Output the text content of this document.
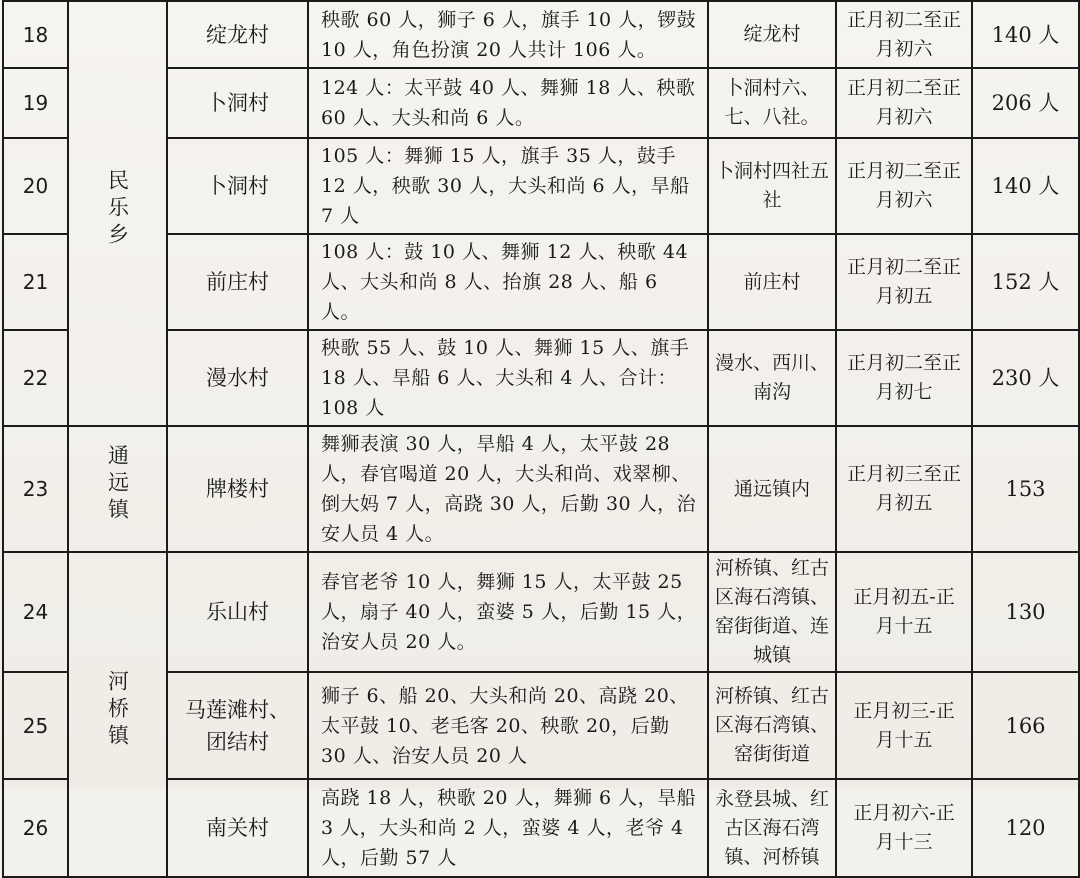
18	民乐乡	绽龙村	秧歌 60 人，狮子 6 人，旗手 10 人，锣鼓 10 人，角色扮演 20 人共计 106 人。	绽龙村	正月初二至正月初六	140 人	
19		卜洞村	124 人：太平鼓 40 人、舞狮 18 人、秧歌 60 人、大头和尚 6 人。	卜洞村六、七、八社。	正月初二至正月初六	206 人	
20		卜洞村	105 人：舞狮 15 人，旗手 35 人，鼓手 12 人，秧歌 30 人，大头和尚 6 人，旱船 7 人	卜洞村四社五社	正月初二至正月初六	140 人	
21		前庄村	108 人：鼓 10 人、舞狮 12 人、秧歌 44 人、大头和尚 8 人、抬旗 28 人、船 6 人。	前庄村	正月初二至正月初五	152 人	
22		漫水村	秧歌 55 人、鼓 10 人、舞狮 15 人、旗手 18 人、旱船 6 人、大头和 4 人、合计：108 人	漫水、西川、南沟	正月初二至正月初七	230 人	
23	通远镇	牌楼村	舞狮表演 30 人，旱船 4 人，太平鼓 28 人，春官喝道 20 人，大头和尚、戏翠柳、倒大妈 7 人，高跷 30 人，后勤 30 人，治安人员 4 人。	通远镇内	正月初三至正月初五	153	
24	河桥镇	乐山村	春官老爷 10 人，舞狮 15 人，太平鼓 25 人，扇子 40 人，蛮婆 5 人，后勤 15 人，治安人员 20 人。	河桥镇、红古区海石湾镇、窑街街道、连城镇	正月初五-正月十五	130	
25		马莲滩村、团结村	狮子 6、船 20、大头和尚 20、高跷 20、太平鼓 10、老毛客 20、秧歌 20，后勤 30 人、治安人员 20 人	河桥镇、红古区海石湾镇、窑街街道	正月初三-正月十五	166	
26		南关村	高跷 18 人，秧歌 20 人，舞狮 6 人，旱船 3 人，大头和尚 2 人，蛮婆 4 人，老爷 4 人，后勤 57 人	永登县城、红古区海石湾镇、河桥镇	正月初六-正月十三	120	
